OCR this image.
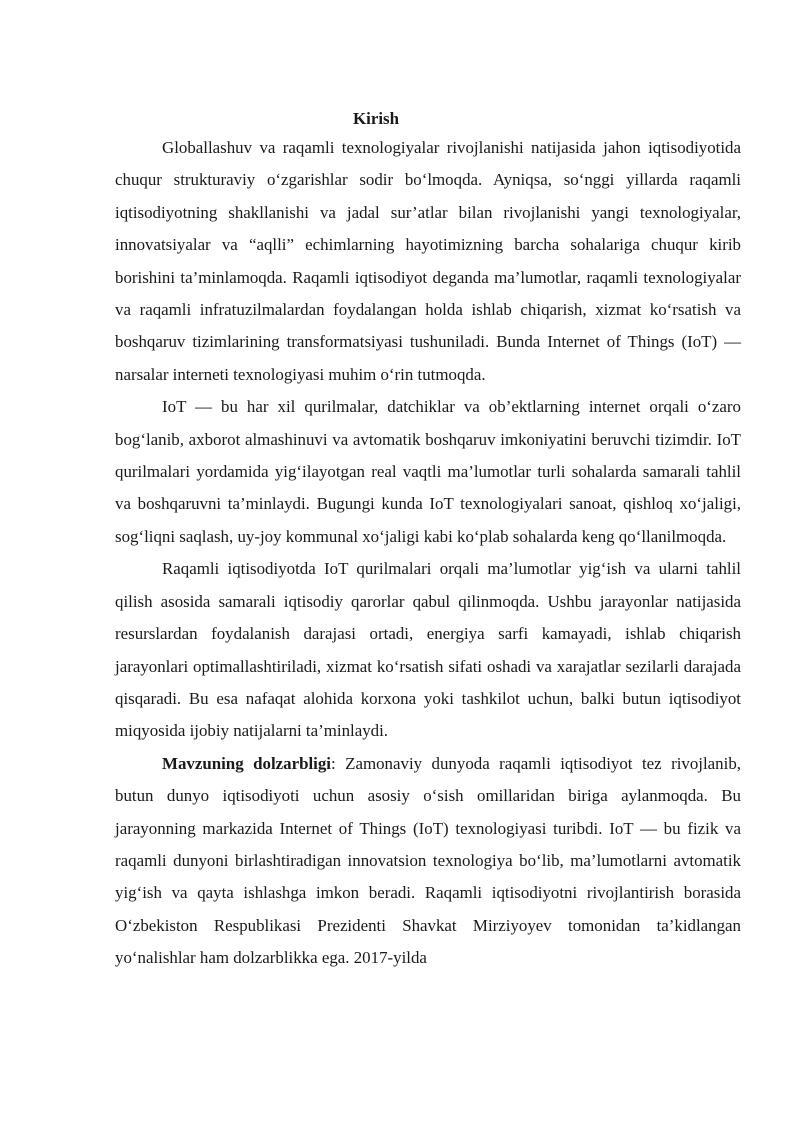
Kirish

Globallashuv va raqamli texnologiyalar rivojlanishi natijasida jahon iqtisodiyotida chuqur strukturaviy o‘zgarishlar sodir bo‘lmoqda. Ayniqsa, so‘nggi yillarda raqamli iqtisodiyotning shakllanishi va jadal sur’atlar bilan rivojlanishi yangi texnologiyalar, innovatsiyalar va “aqlli” echimlarning hayotimizning barcha sohalariga chuqur kirib borishini ta’minlamoqda. Raqamli iqtisodiyot deganda ma’lumotlar, raqamli texnologiyalar va raqamli infratuzilmalardan foydalangan holda ishlab chiqarish, xizmat ko‘rsatish va boshqaruv tizimlarining transformatsiyasi tushuniladi. Bunda Internet of Things (IoT) — narsalar interneti texnologiyasi muhim o‘rin tutmoqda.

IoT — bu har xil qurilmalar, datchiklar va ob’ektlarning internet orqali o‘zaro bog‘lanib, axborot almashinuvi va avtomatik boshqaruv imkoniyatini beruvchi tizimdir. IoT qurilmalari yordamida yig‘ilayotgan real vaqtli ma’lumotlar turli sohalarda samarali tahlil va boshqaruvni ta’minlaydi. Bugungi kunda IoT texnologiyalari sanoat, qishloq xo‘jaligi, sog‘liqni saqlash, uy-joy kommunal xo‘jaligi kabi ko‘plab sohalarda keng qo‘llanilmoqda.

Raqamli iqtisodiyotda IoT qurilmalari orqali ma’lumotlar yig‘ish va ularni tahlil qilish asosida samarali iqtisodiy qarorlar qabul qilinmoqda. Ushbu jarayonlar natijasida resurslardan foydalanish darajasi ortadi, energiya sarfi kamayadi, ishlab chiqarish jarayonlari optimallashtiriladi, xizmat ko‘rsatish sifati oshadi va xarajatlar sezilarli darajada qisqaradi. Bu esa nafaqat alohida korxona yoki tashkilot uchun, balki butun iqtisodiyot miqyosida ijobiy natijalarni ta’minlaydi.

Mavzuning dolzarbligi: Zamonaviy dunyoda raqamli iqtisodiyot tez rivojlanib, butun dunyo iqtisodiyoti uchun asosiy o‘sish omillaridan biriga aylanmoqda. Bu jarayonning markazida Internet of Things (IoT) texnologiyasi turibdi. IoT — bu fizik va raqamli dunyoni birlashtiradigan innovatsion texnologiya bo‘lib, ma’lumotlarni avtomatik yig‘ish va qayta ishlashga imkon beradi. Raqamli iqtisodiyotni rivojlantirish borasida O‘zbekiston Respublikasi Prezidenti Shavkat Mirziyoyev tomonidan ta’kidlangan yo‘nalishlar ham dolzarblikka ega. 2017-yilda
